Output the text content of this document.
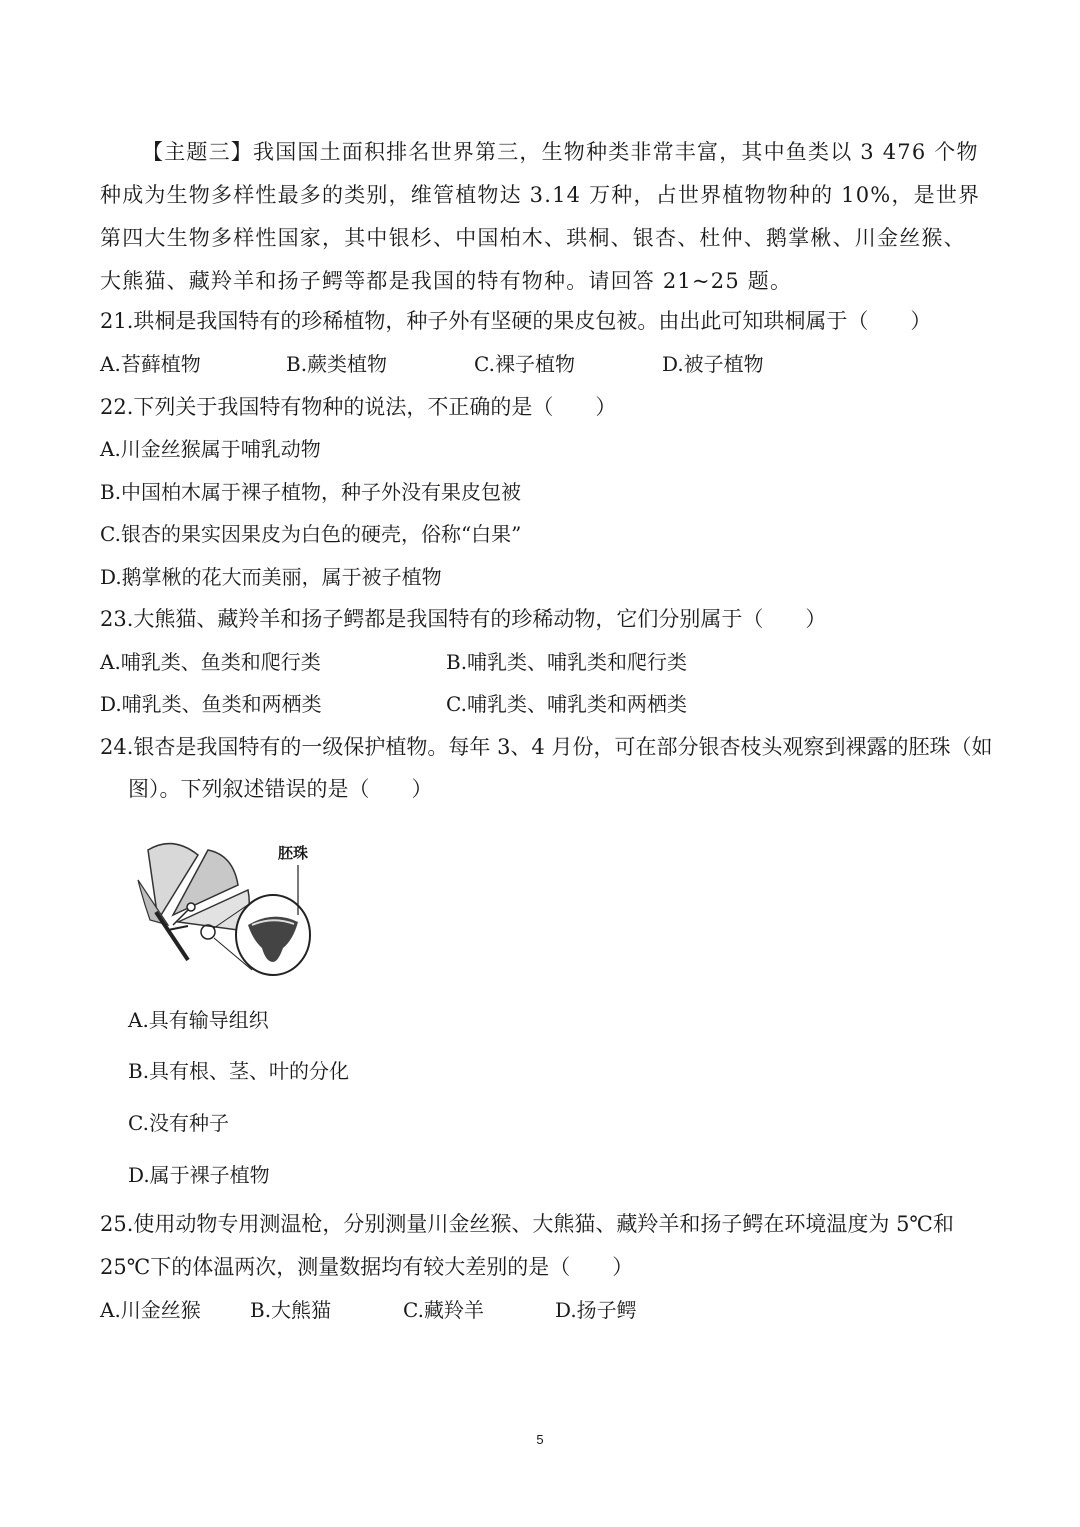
【主题三】我国国土面积排名世界第三，生物种类非常丰富，其中鱼类以 3 476 个物种成为生物多样性最多的类别，维管植物达 3.14 万种，占世界植物物种的 10%，是世界第四大生物多样性国家，其中银杉、中国柏木、珙桐、银杏、杜仲、鹅掌楸、川金丝猴、大熊猫、藏羚羊和扬子鳄等都是我国的特有物种。请回答 21~25 题。
21.珙桐是我国特有的珍稀植物，种子外有坚硬的果皮包被。由出此可知珙桐属于（　　）
A.苔藓植物	B.蕨类植物	C.裸子植物	D.被子植物
22.下列关于我国特有物种的说法，不正确的是（　　）
A.川金丝猴属于哺乳动物
B.中国柏木属于裸子植物，种子外没有果皮包被
C.银杏的果实因果皮为白色的硬壳，俗称“白果”
D.鹅掌楸的花大而美丽，属于被子植物
23.大熊猫、藏羚羊和扬子鳄都是我国特有的珍稀动物，它们分别属于（　　）
A.哺乳类、鱼类和爬行类	B.哺乳类、哺乳类和爬行类
D.哺乳类、鱼类和两栖类	C.哺乳类、哺乳类和两栖类
24.银杏是我国特有的一级保护植物。每年 3、4 月份，可在部分银杏枝头观察到裸露的胚珠（如
图）。下列叙述错误的是（　　）
胚珠
A.具有输导组织
B.具有根、茎、叶的分化
C.没有种子
D.属于裸子植物
25.使用动物专用测温枪，分别测量川金丝猴、大熊猫、藏羚羊和扬子鳄在环境温度为 5℃和
25℃下的体温两次，测量数据均有较大差别的是（　　）
A.川金丝猴 B.大熊猫	C.藏羚羊	D.扬子鳄
5
